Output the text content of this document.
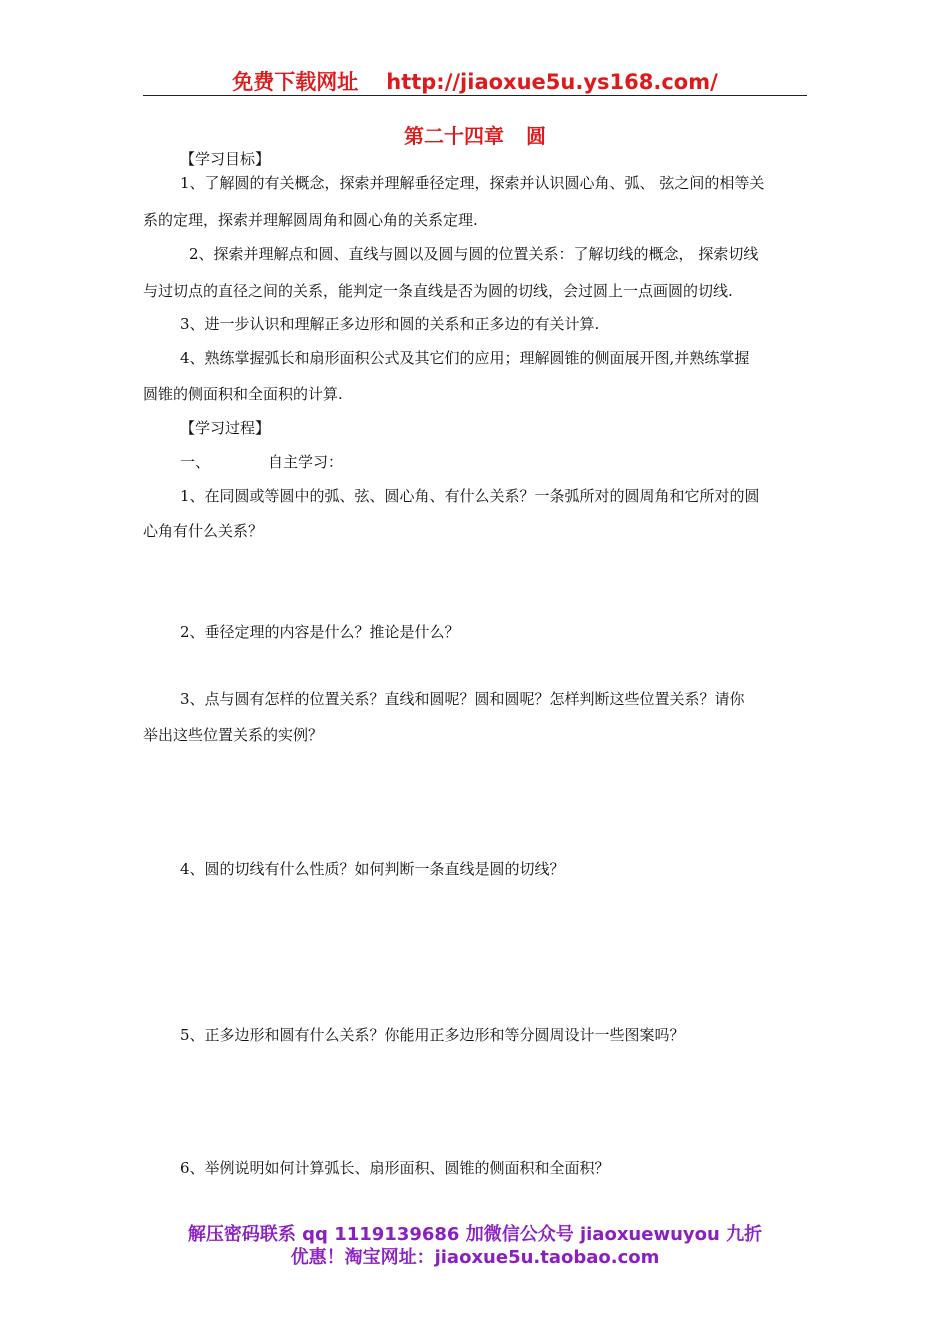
免费下载网址 http://jiaoxue5u.ys168.com/
第二十四章 圆
【学习目标】
1、了解圆的有关概念，探索并理解垂径定理，探索并认识圆心角、弧、 弦之间的相等关
系的定理，探索并理解圆周角和圆心角的关系定理.
2、探索并理解点和圆、直线与圆以及圆与圆的位置关系：了解切线的概念， 探索切线
与过切点的直径之间的关系，能判定一条直线是否为圆的切线，会过圆上一点画圆的切线.
3、进一步认识和理解正多边形和圆的关系和正多边的有关计算.
4、熟练掌握弧长和扇形面积公式及其它们的应用；理解圆锥的侧面展开图,并熟练掌握
圆锥的侧面积和全面积的计算.
【学习过程】
一、	自主学习：
1、在同圆或等圆中的弧、弦、圆心角、有什么关系？一条弧所对的圆周角和它所对的圆
心角有什么关系？
2、垂径定理的内容是什么？推论是什么？
3、点与圆有怎样的位置关系？直线和圆呢？圆和圆呢？怎样判断这些位置关系？请你
举出这些位置关系的实例？
4、圆的切线有什么性质？如何判断一条直线是圆的切线？
5、正多边形和圆有什么关系？你能用正多边形和等分圆周设计一些图案吗？
6、举例说明如何计算弧长、扇形面积、圆锥的侧面积和全面积？
解压密码联系 qq 1119139686 加微信公众号 jiaoxuewuyou 九折
优惠！淘宝网址：jiaoxue5u.taobao.com
